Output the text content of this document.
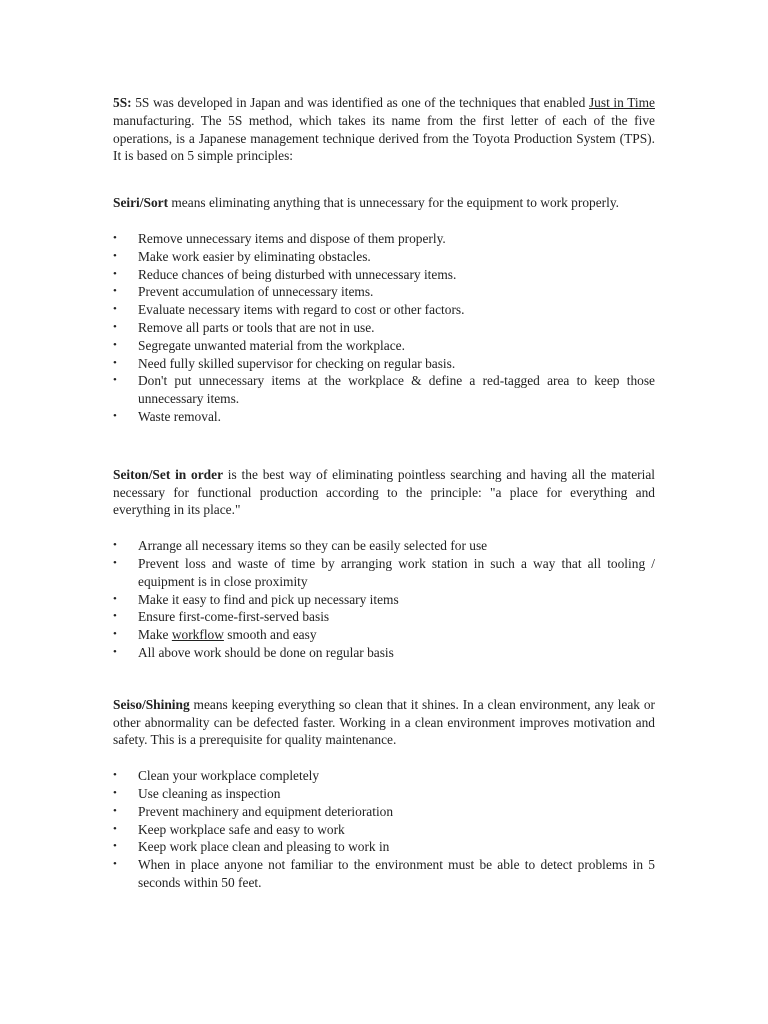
5S: 5S was developed in Japan and was identified as one of the techniques that enabled Just in Time manufacturing. The 5S method, which takes its name from the first letter of each of the five operations, is a Japanese management technique derived from the Toyota Production System (TPS). It is based on 5 simple principles:

Seiri/Sort means eliminating anything that is unnecessary for the equipment to work properly.

•	Remove unnecessary items and dispose of them properly.
•	Make work easier by eliminating obstacles.
•	Reduce chances of being disturbed with unnecessary items.
•	Prevent accumulation of unnecessary items.
•	Evaluate necessary items with regard to cost or other factors.
•	Remove all parts or tools that are not in use.
•	Segregate unwanted material from the workplace.
•	Need fully skilled supervisor for checking on regular basis.
•	Don't put unnecessary items at the workplace & define a red-tagged area to keep those unnecessary items.
•	Waste removal.

Seiton/Set in order is the best way of eliminating pointless searching and having all the material necessary for functional production according to the principle: "a place for everything and everything in its place."

•	Arrange all necessary items so they can be easily selected for use
•	Prevent loss and waste of time by arranging work station in such a way that all tooling / equipment is in close proximity
•	Make it easy to find and pick up necessary items
•	Ensure first-come-first-served basis
•	Make workflow smooth and easy
•	All above work should be done on regular basis

Seiso/Shining means keeping everything so clean that it shines. In a clean environment, any leak or other abnormality can be defected faster. Working in a clean environment improves motivation and safety. This is a prerequisite for quality maintenance.

•	Clean your workplace completely
•	Use cleaning as inspection
•	Prevent machinery and equipment deterioration
•	Keep workplace safe and easy to work
•	Keep work place clean and pleasing to work in
•	When in place anyone not familiar to the environment must be able to detect problems in 5 seconds within 50 feet.
